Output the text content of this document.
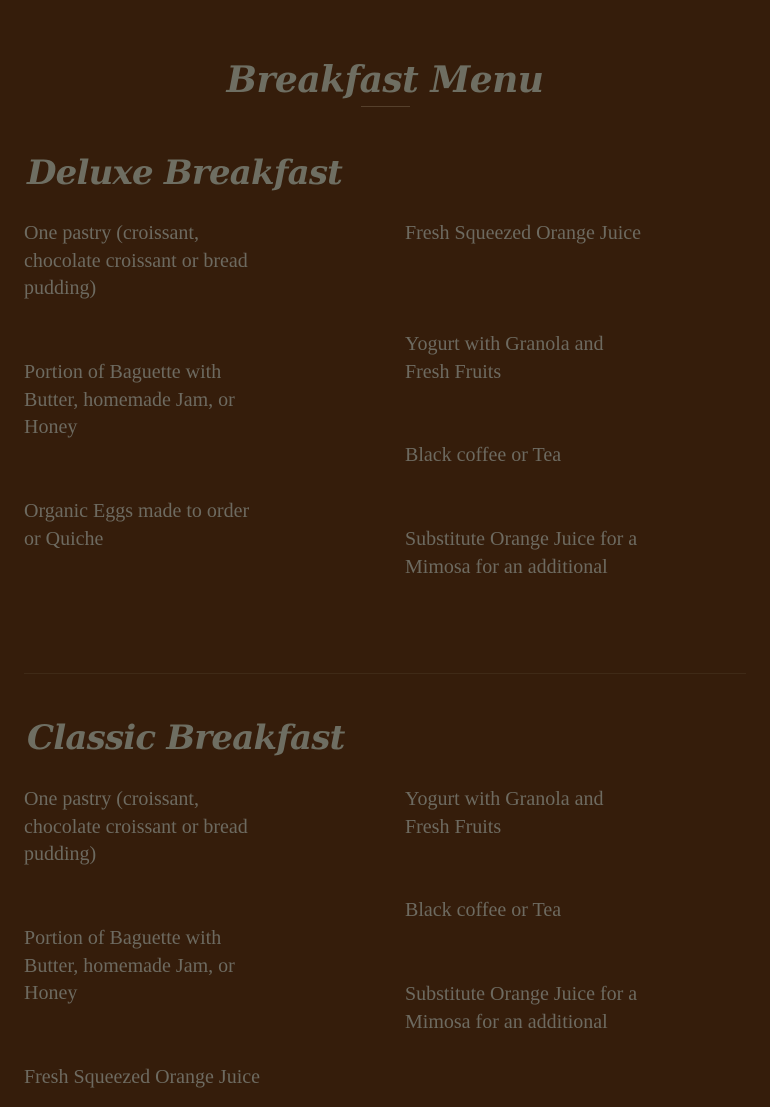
Breakfast Menu
Deluxe Breakfast

One pastry (croissant, chocolate croissant or bread pudding)

Portion of Baguette with Butter, homemade Jam, or Honey

Organic Eggs made to order or Quiche

Fresh Squeezed Orange Juice

Yogurt with Granola and Fresh Fruits

Black coffee or Tea

Substitute Orange Juice for a Mimosa for an additional

Classic Breakfast

One pastry (croissant, chocolate croissant or bread pudding)

Portion of Baguette with Butter, homemade Jam, or Honey

Fresh Squeezed Orange Juice

Yogurt with Granola and Fresh Fruits

Black coffee or Tea

Substitute Orange Juice for a Mimosa for an additional
